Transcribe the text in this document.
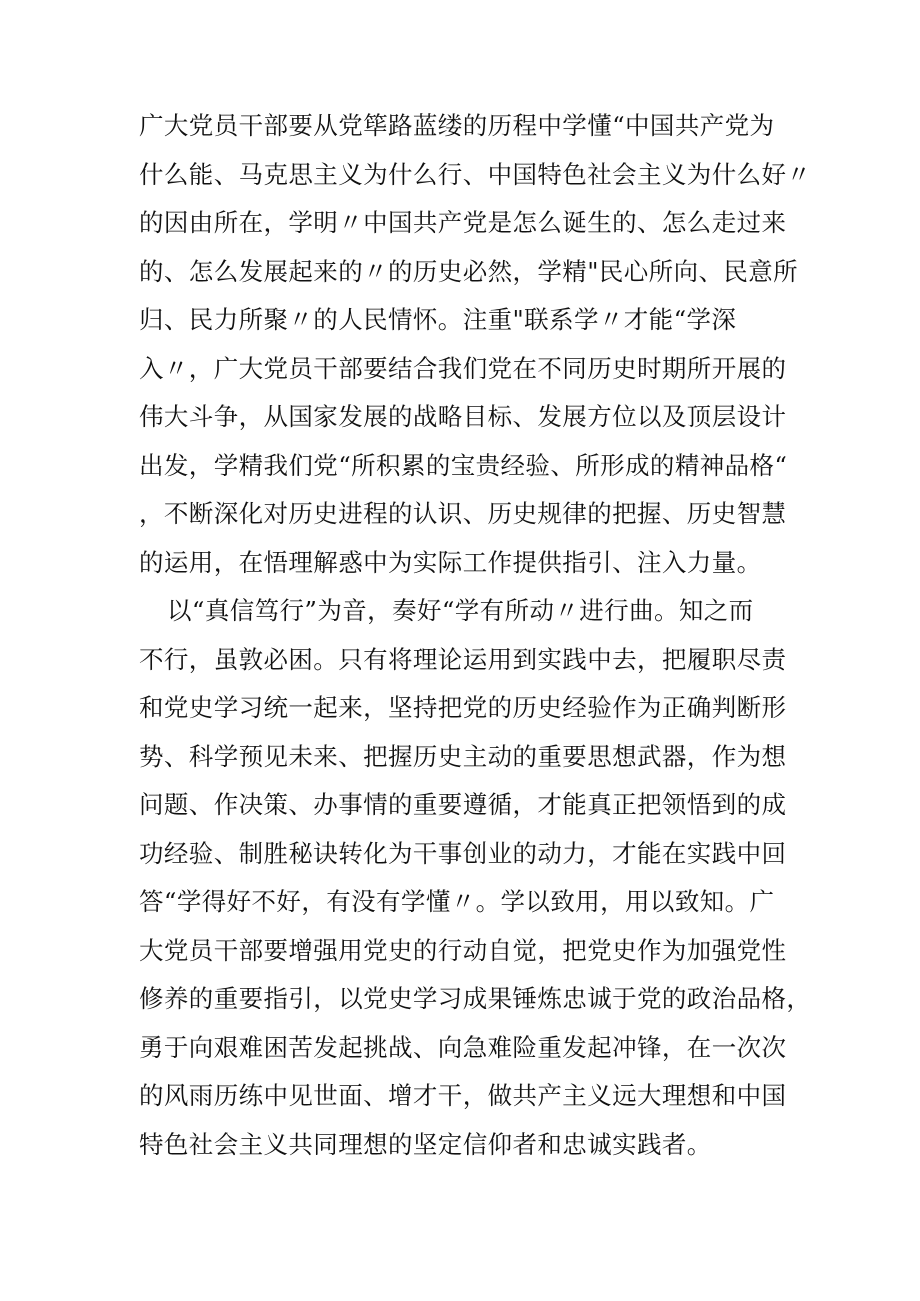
广大党员干部要从党筚路蓝缕的历程中学懂“中国共产党为
什么能、马克思主义为什么行、中国特色社会主义为什么好〃
的因由所在，学明〃中国共产党是怎么诞生的、怎么走过来
的、怎么发展起来的〃的历史必然，学精"民心所向、民意所
归、民力所聚〃的人民情怀。注重"联系学〃才能“学深
入〃，广大党员干部要结合我们党在不同历史时期所开展的
伟大斗争，从国家发展的战略目标、发展方位以及顶层设计
出发，学精我们党“所积累的宝贵经验、所形成的精神品格“
，不断深化对历史进程的认识、历史规律的把握、历史智慧
的运用，在悟理解惑中为实际工作提供指引、注入力量。
以“真信笃行”为音，奏好“学有所动〃进行曲。知之而
不行，虽敦必困。只有将理论运用到实践中去，把履职尽责
和党史学习统一起来，坚持把党的历史经验作为正确判断形
势、科学预见未来、把握历史主动的重要思想武器，作为想
问题、作决策、办事情的重要遵循，才能真正把领悟到的成
功经验、制胜秘诀转化为干事创业的动力，才能在实践中回
答“学得好不好，有没有学懂〃。学以致用，用以致知。广
大党员干部要增强用党史的行动自觉，把党史作为加强党性
修养的重要指引，以党史学习成果锤炼忠诚于党的政治品格，
勇于向艰难困苦发起挑战、向急难险重发起冲锋，在一次次
的风雨历练中见世面、增才干，做共产主义远大理想和中国
特色社会主义共同理想的坚定信仰者和忠诚实践者。
